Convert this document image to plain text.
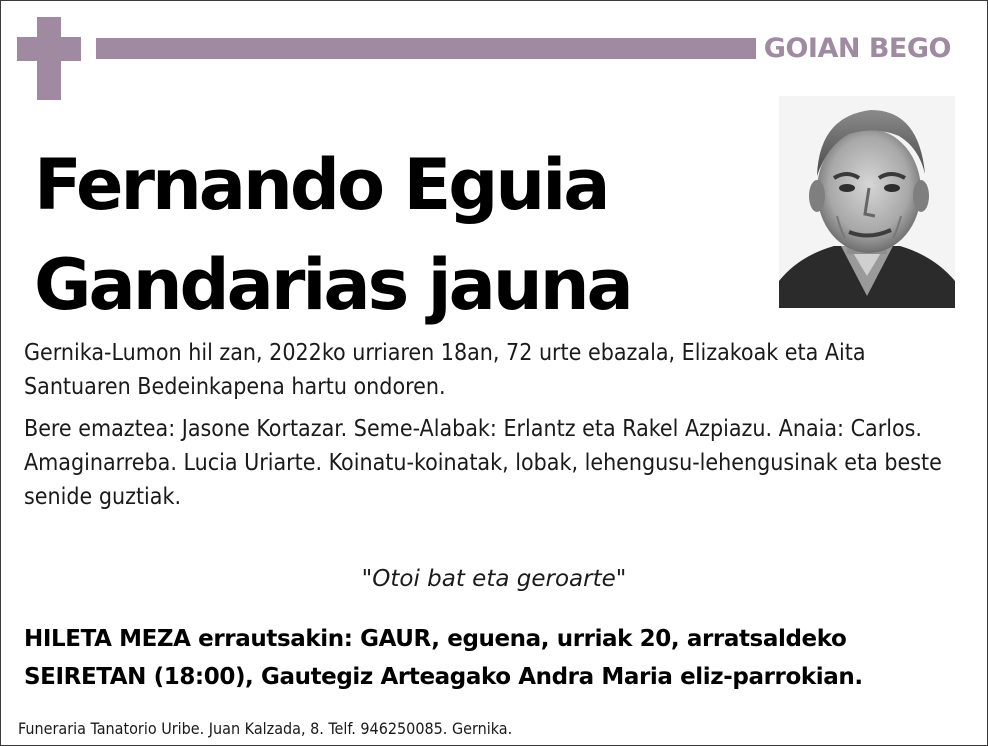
GOIAN BEGO
Fernando Eguia
Gandarias jauna

Gernika-Lumon hil zan, 2022ko urriaren 18an, 72 urte ebazala, Elizakoak eta Aita Santuaren Bedeinkapena hartu ondoren.

Bere emaztea: Jasone Kortazar. Seme-Alabak: Erlantz eta Rakel Azpiazu. Anaia: Carlos. Amaginarreba. Lucia Uriarte. Koinatu-koinatak, lobak, lehengusu-lehengusinak eta beste senide guztiak.

"Otoi bat eta geroarte"
HILETA MEZA errautsakin: GAUR, eguena, urriak 20, arratsaldeko
SEIRETAN (18:00), Gautegiz Arteagako Andra Maria eliz-parrokian.
Funeraria Tanatorio Uribe. Juan Kalzada, 8. Telf. 946250085. Gernika.
